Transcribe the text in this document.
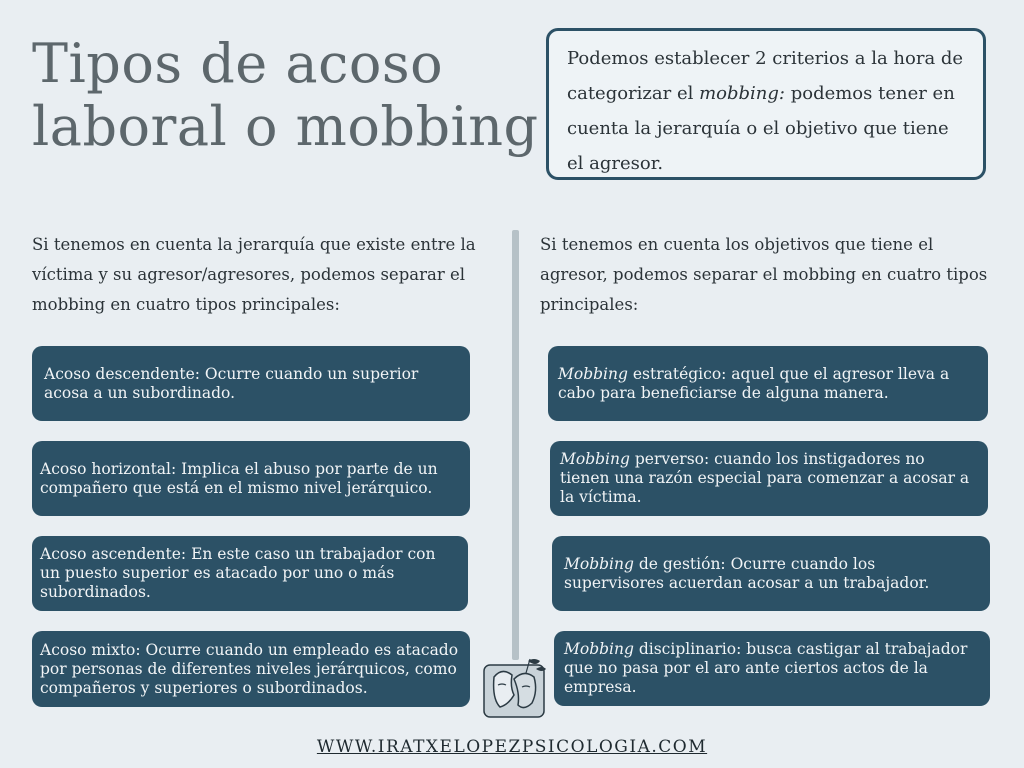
Tipos de acoso
laboral o mobbing
Podemos establecer 2 criterios a la hora de categorizar el mobbing: podemos tener en cuenta la jerarquía o el objetivo que tiene el agresor.
Si tenemos en cuenta la jerarquía que existe entre la víctima y su agresor/agresores, podemos separar el mobbing en cuatro tipos principales:
Si tenemos en cuenta los objetivos que tiene el agresor, podemos separar el mobbing en cuatro tipos principales:
Acoso descendente: Ocurre cuando un superior acosa a un subordinado.
Acoso horizontal: Implica el abuso por parte de un compañero que está en el mismo nivel jerárquico.
Acoso ascendente: En este caso un trabajador con un puesto superior es atacado por uno o más subordinados.
Acoso mixto: Ocurre cuando un empleado es atacado por personas de diferentes niveles jerárquicos, como compañeros y superiores o subordinados.
Mobbing estratégico: aquel que el agresor lleva a cabo para beneficiarse de alguna manera.
Mobbing perverso: cuando los instigadores no tienen una razón especial para comenzar a acosar a la víctima.
Mobbing de gestión: Ocurre cuando los supervisores acuerdan acosar a un trabajador.
Mobbing disciplinario: busca castigar al trabajador que no pasa por el aro ante ciertos actos de la empresa.
WWW.IRATXELOPEZPSICOLOGIA.COM
